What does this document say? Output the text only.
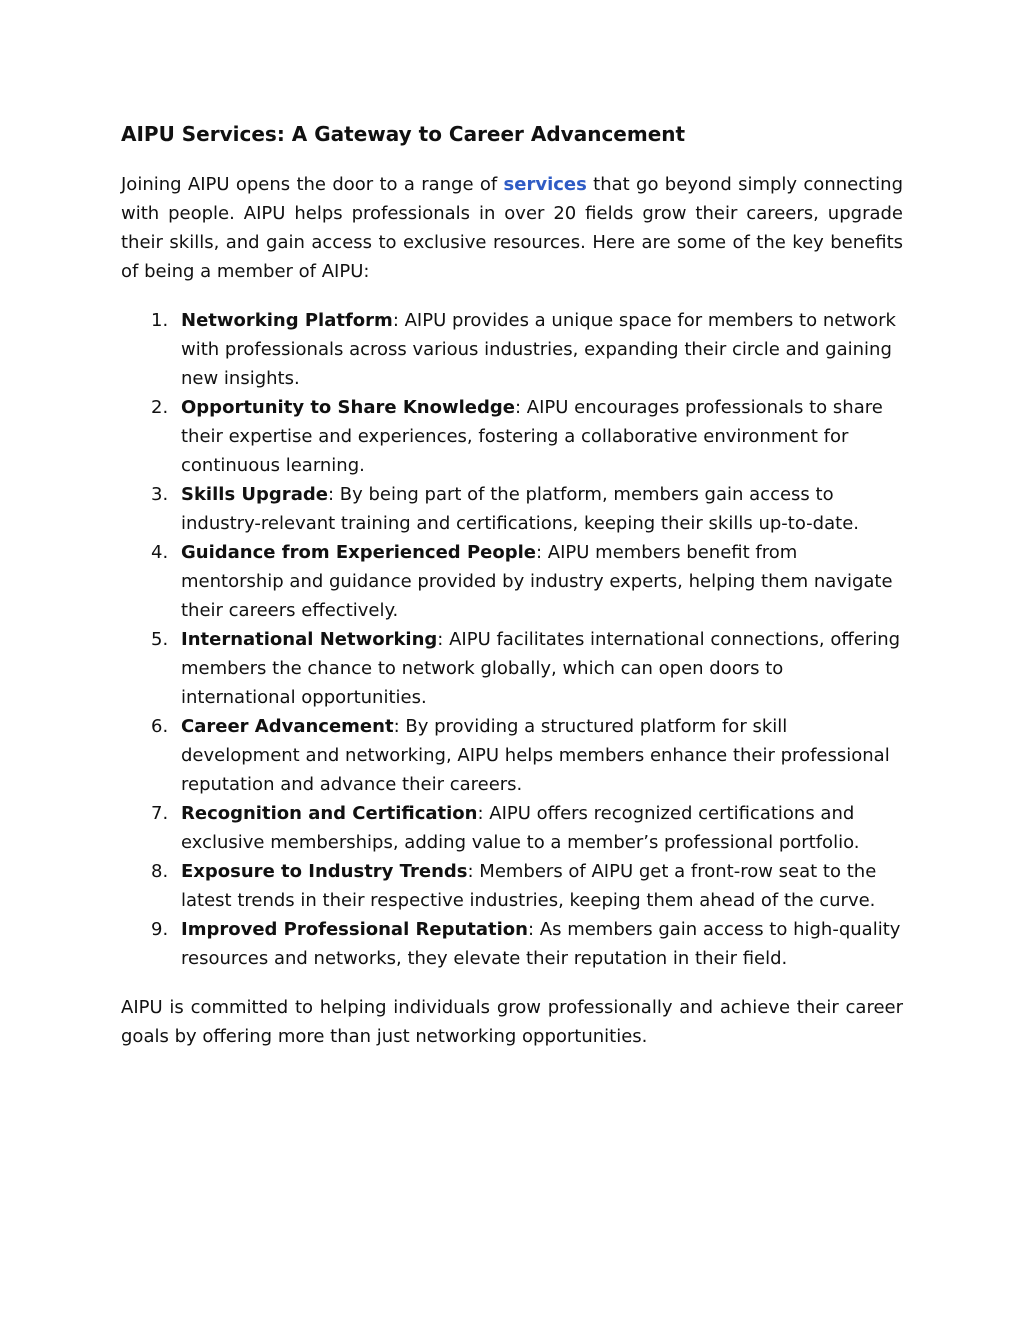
AIPU Services: A Gateway to Career Advancement

Joining AIPU opens the door to a range of services that go beyond simply connecting with people. AIPU helps professionals in over 20 fields grow their careers, upgrade their skills, and gain access to exclusive resources. Here are some of the key benefits of being a member of AIPU:

1. Networking Platform: AIPU provides a unique space for members to network with professionals across various industries, expanding their circle and gaining new insights.
2. Opportunity to Share Knowledge: AIPU encourages professionals to share their expertise and experiences, fostering a collaborative environment for continuous learning.
3. Skills Upgrade: By being part of the platform, members gain access to industry-relevant training and certifications, keeping their skills up-to-date.
4. Guidance from Experienced People: AIPU members benefit from mentorship and guidance provided by industry experts, helping them navigate their careers effectively.
5. International Networking: AIPU facilitates international connections, offering members the chance to network globally, which can open doors to international opportunities.
6. Career Advancement: By providing a structured platform for skill development and networking, AIPU helps members enhance their professional reputation and advance their careers.
7. Recognition and Certification: AIPU offers recognized certifications and exclusive memberships, adding value to a member’s professional portfolio.
8. Exposure to Industry Trends: Members of AIPU get a front-row seat to the latest trends in their respective industries, keeping them ahead of the curve.
9. Improved Professional Reputation: As members gain access to high-quality resources and networks, they elevate their reputation in their field.

AIPU is committed to helping individuals grow professionally and achieve their career goals by offering more than just networking opportunities.
